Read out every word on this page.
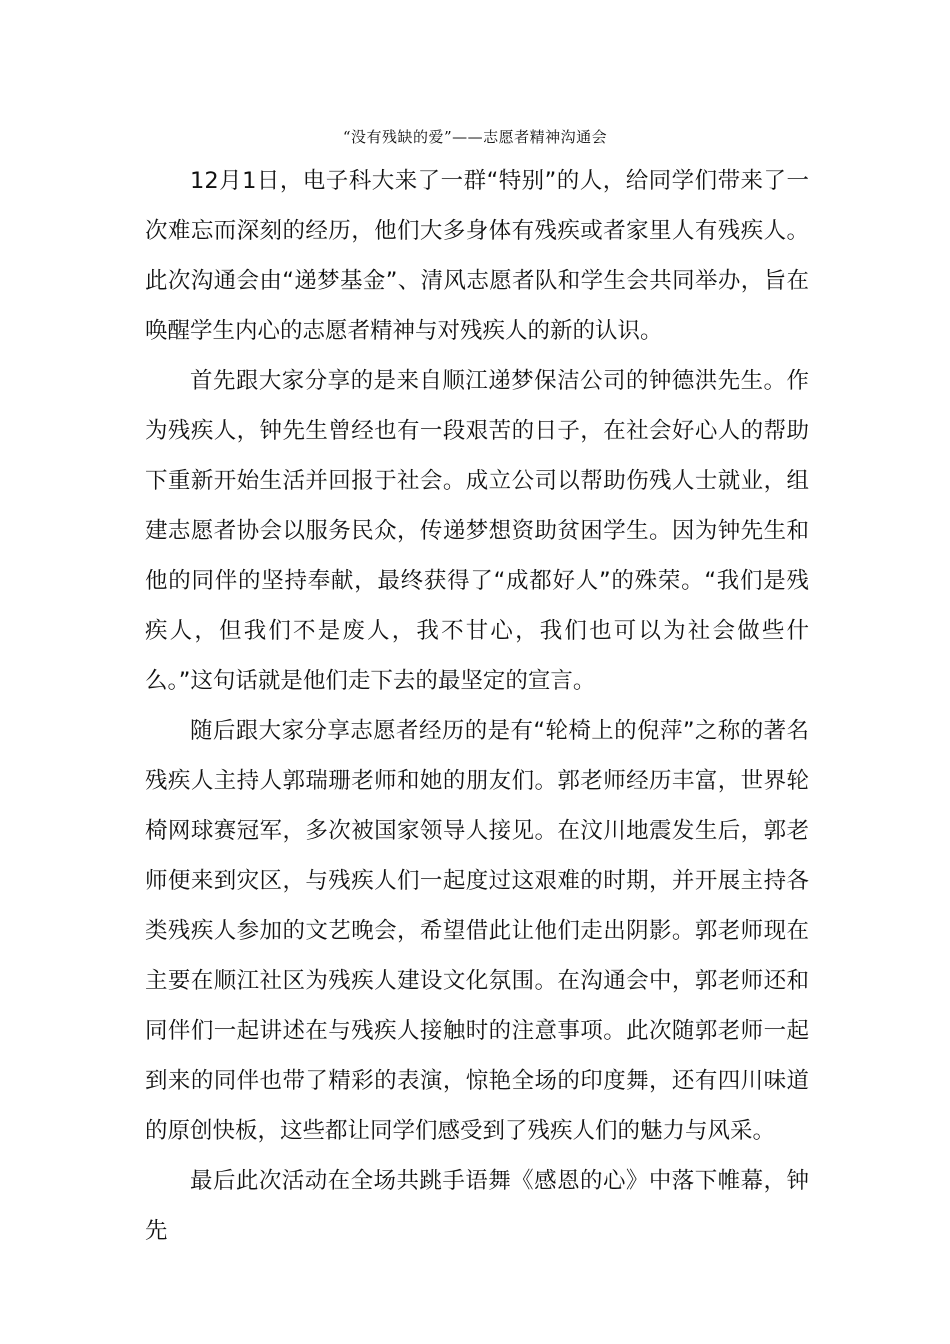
“没有残缺的爱”——志愿者精神沟通会

12月1日，电子科大来了一群“特别”的人，给同学们带来了一次难忘而深刻的经历，他们大多身体有残疾或者家里人有残疾人。此次沟通会由“递梦基金”、清风志愿者队和学生会共同举办，旨在唤醒学生内心的志愿者精神与对残疾人的新的认识。

首先跟大家分享的是来自顺江递梦保洁公司的钟德洪先生。作为残疾人，钟先生曾经也有一段艰苦的日子，在社会好心人的帮助下重新开始生活并回报于社会。成立公司以帮助伤残人士就业，组建志愿者协会以服务民众，传递梦想资助贫困学生。因为钟先生和他的同伴的坚持奉献，最终获得了“成都好人”的殊荣。“我们是残疾人，但我们不是废人，我不甘心，我们也可以为社会做些什么。”这句话就是他们走下去的最坚定的宣言。

随后跟大家分享志愿者经历的是有“轮椅上的倪萍”之称的著名残疾人主持人郭瑞珊老师和她的朋友们。郭老师经历丰富，世界轮椅网球赛冠军，多次被国家领导人接见。在汶川地震发生后，郭老师便来到灾区，与残疾人们一起度过这艰难的时期，并开展主持各类残疾人参加的文艺晚会，希望借此让他们走出阴影。郭老师现在主要在顺江社区为残疾人建设文化氛围。在沟通会中，郭老师还和同伴们一起讲述在与残疾人接触时的注意事项。此次随郭老师一起到来的同伴也带了精彩的表演，惊艳全场的印度舞，还有四川味道的原创快板，这些都让同学们感受到了残疾人们的魅力与风采。

最后此次活动在全场共跳手语舞《感恩的心》中落下帷幕，钟先
